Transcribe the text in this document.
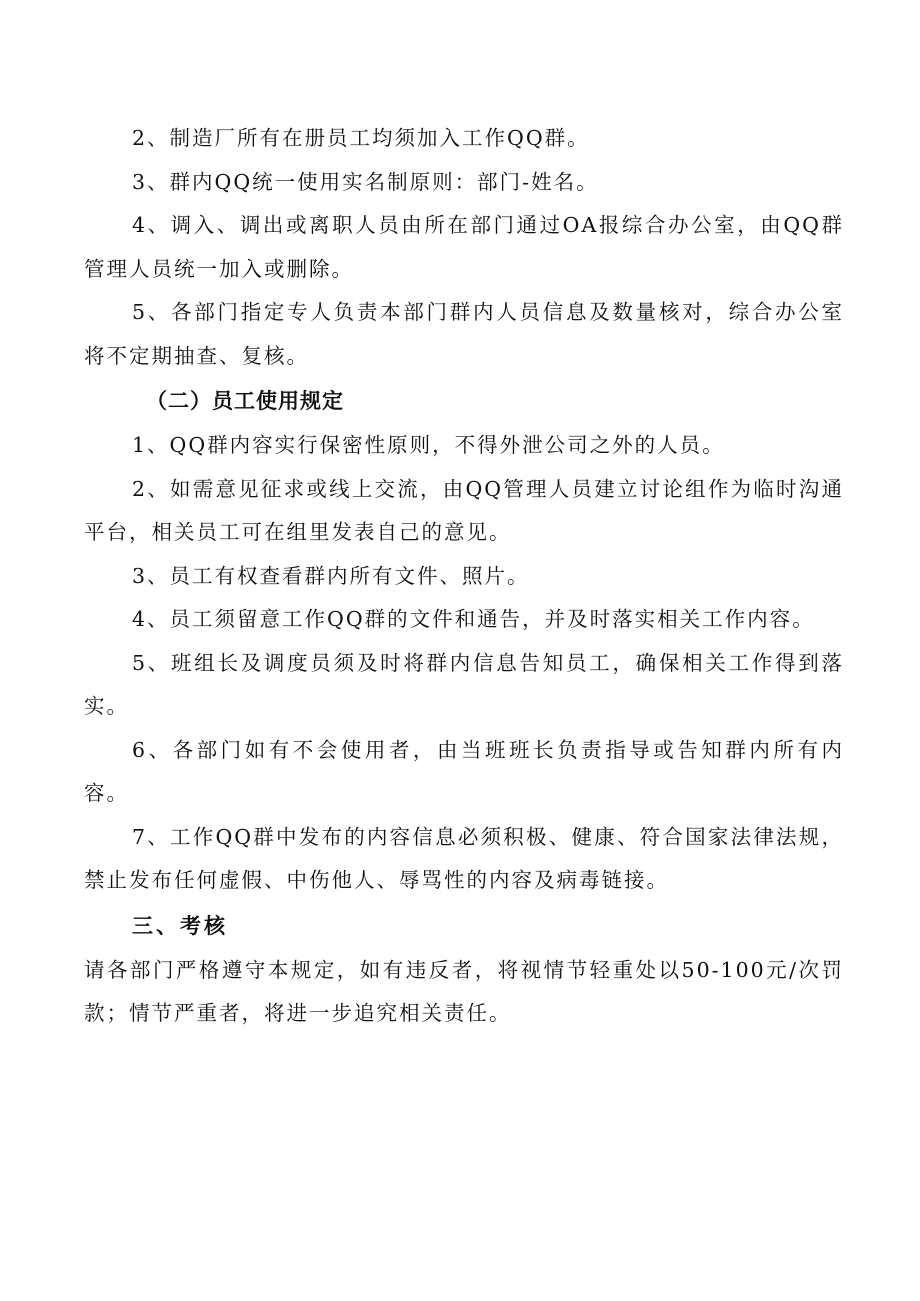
2、制造厂所有在册员工均须加入工作QQ群。

3、群内QQ统一使用实名制原则：部门-姓名。

4、调入、调出或离职人员由所在部门通过OA报综合办公室，由QQ群管理人员统一加入或删除。

5、各部门指定专人负责本部门群内人员信息及数量核对，综合办公室将不定期抽查、复核。

（二）员工使用规定

1、QQ群内容实行保密性原则，不得外泄公司之外的人员。

2、如需意见征求或线上交流，由QQ管理人员建立讨论组作为临时沟通平台，相关员工可在组里发表自己的意见。

3、员工有权查看群内所有文件、照片。

4、员工须留意工作QQ群的文件和通告，并及时落实相关工作内容。

5、班组长及调度员须及时将群内信息告知员工，确保相关工作得到落实。

6、各部门如有不会使用者，由当班班长负责指导或告知群内所有内容。

7、工作QQ群中发布的内容信息必须积极、健康、符合国家法律法规，禁止发布任何虚假、中伤他人、辱骂性的内容及病毒链接。

三、考核

请各部门严格遵守本规定，如有违反者，将视情节轻重处以50-100元/次罚款；情节严重者，将进一步追究相关责任。
